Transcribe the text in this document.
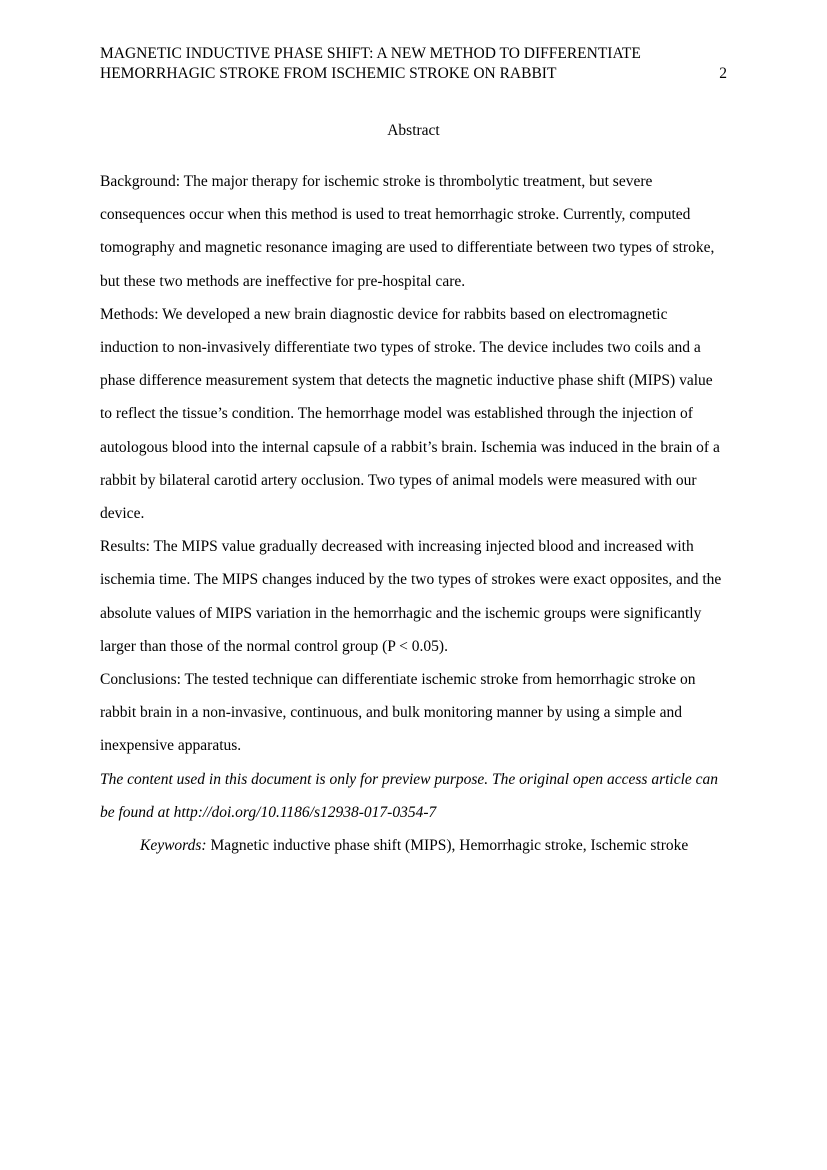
MAGNETIC INDUCTIVE PHASE SHIFT: A NEW METHOD TO DIFFERENTIATE
HEMORRHAGIC STROKE FROM ISCHEMIC STROKE ON RABBIT	2
Abstract

Background: The major therapy for ischemic stroke is thrombolytic treatment, but severe consequences occur when this method is used to treat hemorrhagic stroke. Currently, computed tomography and magnetic resonance imaging are used to differentiate between two types of stroke, but these two methods are ineffective for pre-hospital care.

Methods: We developed a new brain diagnostic device for rabbits based on electromagnetic induction to non-invasively differentiate two types of stroke. The device includes two coils and a phase difference measurement system that detects the magnetic inductive phase shift (MIPS) value to reflect the tissue’s condition. The hemorrhage model was established through the injection of autologous blood into the internal capsule of a rabbit’s brain. Ischemia was induced in the brain of a rabbit by bilateral carotid artery occlusion. Two types of animal models were measured with our device.

Results: The MIPS value gradually decreased with increasing injected blood and increased with ischemia time. The MIPS changes induced by the two types of strokes were exact opposites, and the absolute values of MIPS variation in the hemorrhagic and the ischemic groups were significantly larger than those of the normal control group (P < 0.05).

Conclusions: The tested technique can differentiate ischemic stroke from hemorrhagic stroke on rabbit brain in a non-invasive, continuous, and bulk monitoring manner by using a simple and inexpensive apparatus.

The content used in this document is only for preview purpose. The original open access article can be found at http://doi.org/10.1186/s12938-017-0354-7

Keywords: Magnetic inductive phase shift (MIPS), Hemorrhagic stroke, Ischemic stroke
